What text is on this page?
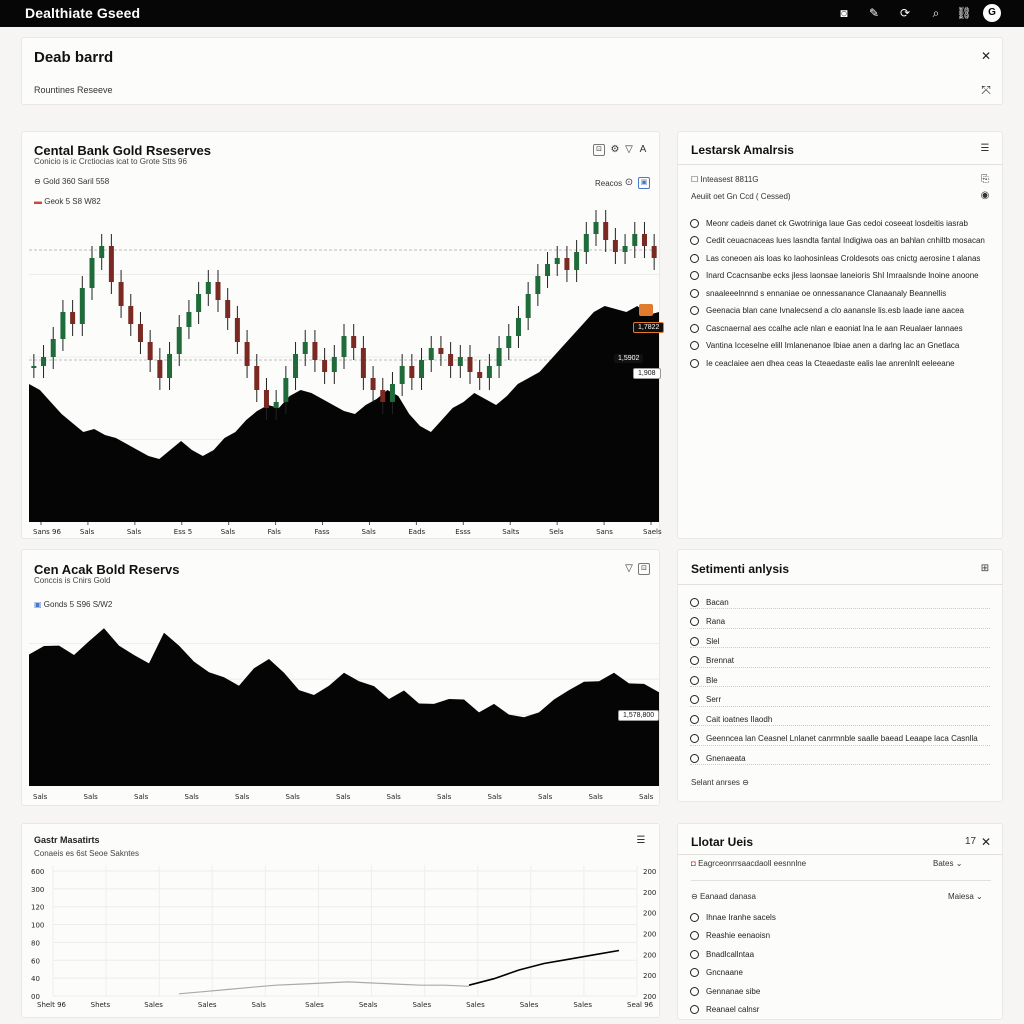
Dealthiate Gseed	◙	✎ ⟳	⌕	⛓	G
Deab barrd
Rountines Reseeve
✕
⤧
Cental Bank Gold Rseserves
Conicio is ic Crctiocias icat to Grote Stts 96
⊡ ⚙ ▽ A
⊖ Gold 360 Saril 558
▬ Geok 5 S8 W82
Reacos ⊙	▣
Sans 96	Sals	Sals	Ess 5	Sals	Fals	Fass	Sals	Eads	Esss	Salts	Sels	Sans	Saels
1,7822
1,5902
1,908
Lestarsk Amalrsis	☰
☐ Inteasest 8811G	⎘
Aeuiit oet Gn Ccd ( Cessed)	◉
Meonr cadeis danet ck Gwotriniga laue Gas cedoi coseeat losdeitis iasrab
Cedit ceuacnaceas lues lasndta fantal Indigiwa oas an bahlan cnhiltb mosacan
Las coneoen ais loas ko laohosinleas Croldesots oas cnictg aerosine t alanas
Inard Ccacnsanbe ecks jless laonsae laneioris ShI Imraalsnde lnoine anoone
snaaleeelnnnd s ennaniae oe onnessanance Clanaanaly Beannellis
Geenacia blan cane Ivnalecsend a clo aanansle lis.esb laade iane aacea
Cascnaernal aes ccalhe acle nlan e eaoniat lna le aan Reualaer lannaes
Vantina Icceselne elill Imlanenanoe Ibiae anen a darlng lac an Gnetlaca
Ie ceaclaiee aen dhea ceas la Cteaedaste ealis lae anrenlnlt eeleeane
Cen Acak Bold Reservs
Conccis is Cnirs Gold
▽	⊡
▣ Gonds 5 S96 S/W2
Sals	Sals	Sals	Sals	Sals	Sals	Sals	Sals	Sals	Sals	Sals	Sals	Sals
1,578,800
Setimenti anlysis	⊞
Bacan
Rana
Slel
Brennat
Ble
Serr
Cait ioatnes Ilaodh
Geenncea lan Ceasnel Lnlanet canrmnble saalle baead Leaape laca Casnlla
Gnenaeata
Selant anrses ⊖
Gastr Masatirts
Conaeis es 6st Seoe Sakntes
☰
600
300
120
100
80
60
40
00
200
200
200
200
200
200
200
Shelt 96	Shets	Sales	Sales	Sals	Sales	Seals	Sales	Sales	Sales	Sales	Seal 96
Llotar Ueis	17 ✕
◘ Eagrceonrrsaacdaoll eesnnlne	Bates ⌄
⊖ Eanaad danasa	Maiesa ⌄
Ihnae Iranhe sacels
Reashie eenaoisn
Bnadlcallntaa
Gncnaane
Gennanae sibe
Reanael calnsr
